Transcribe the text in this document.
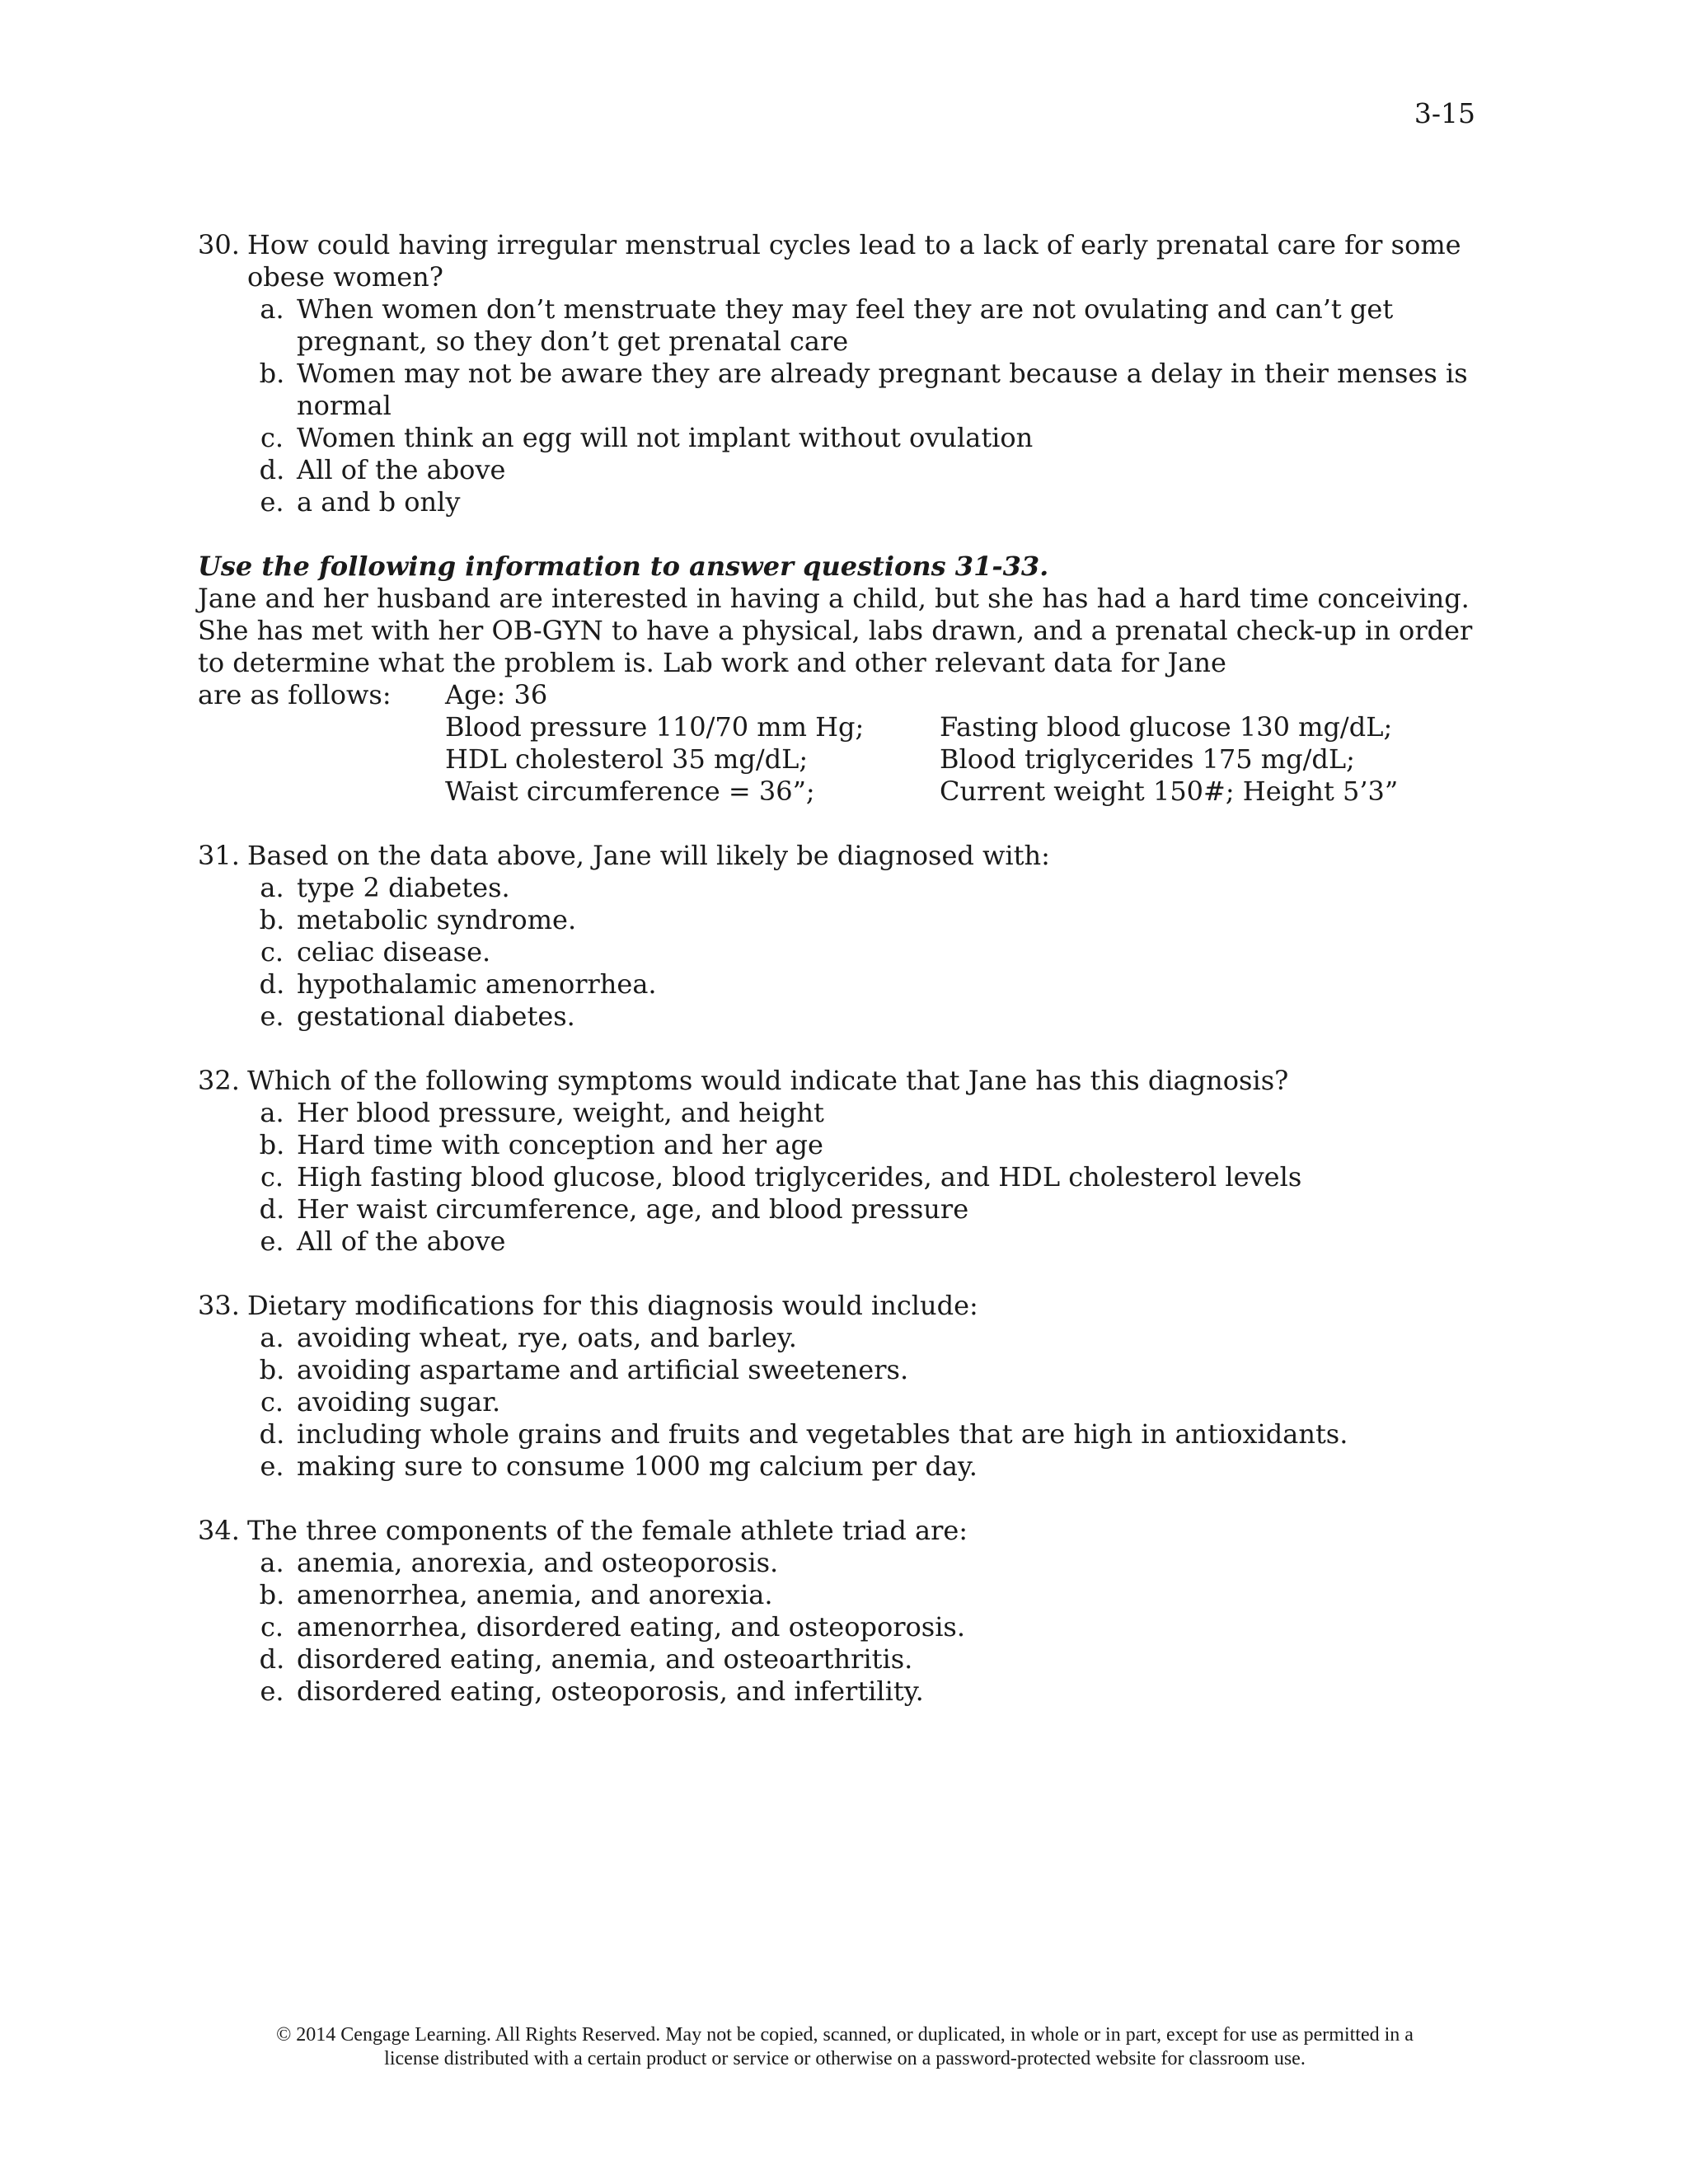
3-15
30. How could having irregular menstrual cycles lead to a lack of early prenatal care for some obese women?
a. When women don’t menstruate they may feel they are not ovulating and can’t get pregnant, so they don’t get prenatal care
b. Women may not be aware they are already pregnant because a delay in their menses is normal
c. Women think an egg will not implant without ovulation
d. All of the above
e. a and b only
Use the following information to answer questions 31-33.
Jane and her husband are interested in having a child, but she has had a hard time conceiving. She has met with her OB-GYN to have a physical, labs drawn, and a prenatal check-up in order to determine what the problem is. Lab work and other relevant data for Jane
are as follows:	Age: 36
Blood pressure 110/70 mm Hg;	Fasting blood glucose 130 mg/dL;
HDL cholesterol 35 mg/dL;	Blood triglycerides 175 mg/dL;
Waist circumference = 36”;	Current weight 150#; Height 5’3”
31. Based on the data above, Jane will likely be diagnosed with:
a. type 2 diabetes.
b. metabolic syndrome.
c. celiac disease.
d. hypothalamic amenorrhea.
e. gestational diabetes.
32. Which of the following symptoms would indicate that Jane has this diagnosis?
a. Her blood pressure, weight, and height
b. Hard time with conception and her age
c. High fasting blood glucose, blood triglycerides, and HDL cholesterol levels
d. Her waist circumference, age, and blood pressure
e. All of the above
33. Dietary modifications for this diagnosis would include:
a. avoiding wheat, rye, oats, and barley.
b. avoiding aspartame and artificial sweeteners.
c. avoiding sugar.
d. including whole grains and fruits and vegetables that are high in antioxidants.
e. making sure to consume 1000 mg calcium per day.
34. The three components of the female athlete triad are:
a. anemia, anorexia, and osteoporosis.
b. amenorrhea, anemia, and anorexia.
c. amenorrhea, disordered eating, and osteoporosis.
d. disordered eating, anemia, and osteoarthritis.
e. disordered eating, osteoporosis, and infertility.
© 2014 Cengage Learning. All Rights Reserved. May not be copied, scanned, or duplicated, in whole or in part, except for use as permitted in a
license distributed with a certain product or service or otherwise on a password-protected website for classroom use.
